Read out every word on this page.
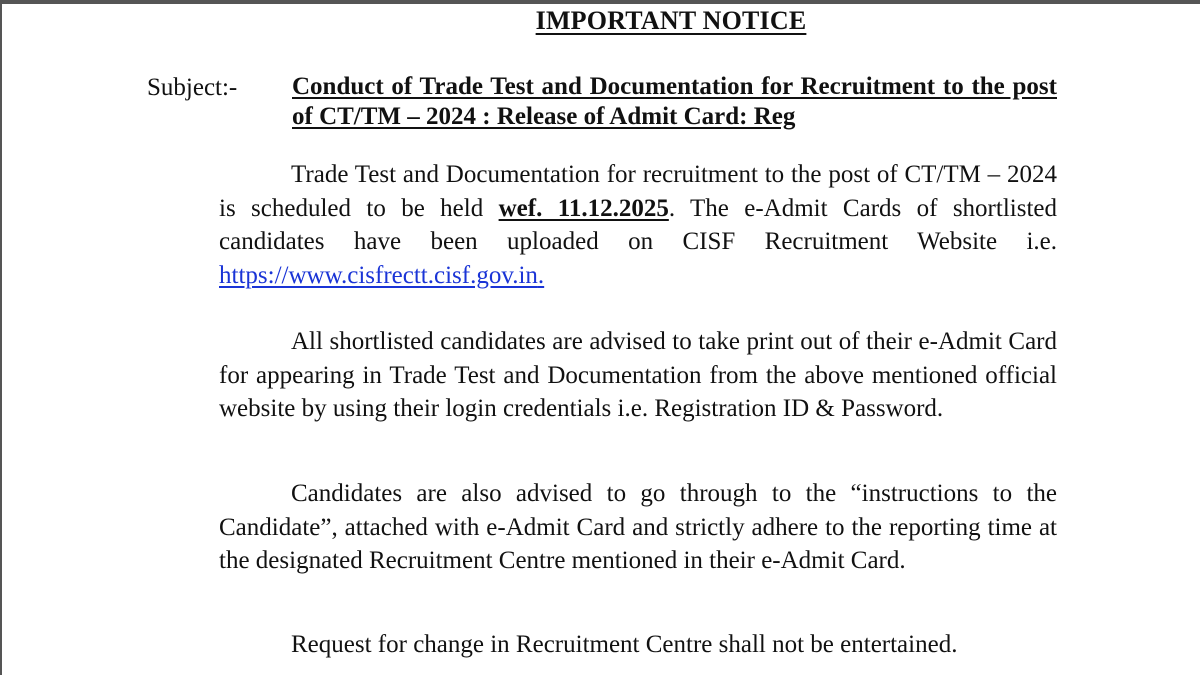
IMPORTANT NOTICE
Subject:- Conduct of Trade Test and Documentation for Recruitment to the post of CT/TM – 2024 : Release of Admit Card: Reg

Trade Test and Documentation for recruitment to the post of CT/TM – 2024 is scheduled to be held wef. 11.12.2025. The e-Admit Cards of shortlisted candidates have been uploaded on CISF Recruitment Website i.e. https://www.cisfrectt.cisf.gov.in.

All shortlisted candidates are advised to take print out of their e-Admit Card for appearing in Trade Test and Documentation from the above mentioned official website by using their login credentials i.e. Registration ID & Password.

Candidates are also advised to go through to the “instructions to the Candidate”, attached with e-Admit Card and strictly adhere to the reporting time at the designated Recruitment Centre mentioned in their e-Admit Card.

Request for change in Recruitment Centre shall not be entertained.
